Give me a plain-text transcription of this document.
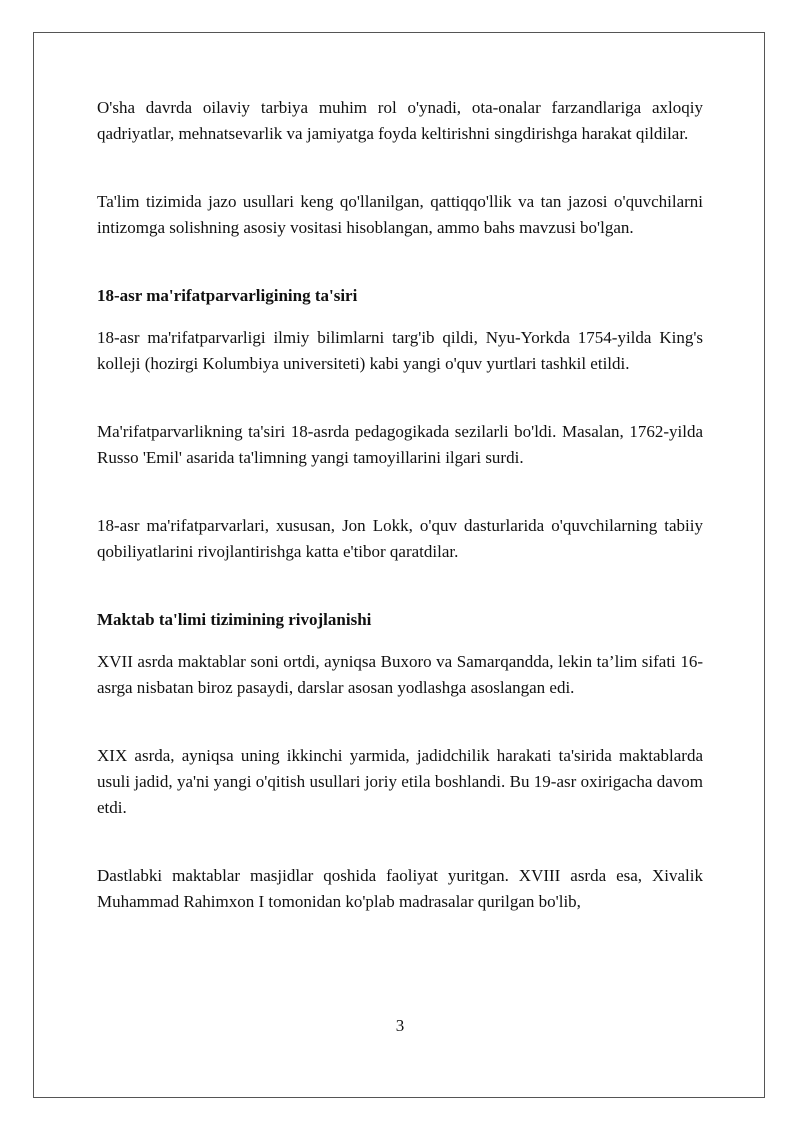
O'sha davrda oilaviy tarbiya muhim rol o'ynadi, ota-onalar farzandlariga axloqiy qadriyatlar, mehnatsevarlik va jamiyatga foyda keltirishni singdirishga harakat qildilar.

Ta'lim tizimida jazo usullari keng qo'llanilgan, qattiqqo'llik va tan jazosi o'quvchilarni intizomga solishning asosiy vositasi hisoblangan, ammo bahs mavzusi bo'lgan.

18-asr ma'rifatparvarligining ta'siri

18-asr ma'rifatparvarligi ilmiy bilimlarni targ'ib qildi, Nyu-Yorkda 1754-yilda King's kolleji (hozirgi Kolumbiya universiteti) kabi yangi o'quv yurtlari tashkil etildi.

Ma'rifatparvarlikning ta'siri 18-asrda pedagogikada sezilarli bo'ldi. Masalan, 1762-yilda Russo 'Emil' asarida ta'limning yangi tamoyillarini ilgari surdi.

18-asr ma'rifatparvarlari, xususan, Jon Lokk, o'quv dasturlarida o'quvchilarning tabiiy qobiliyatlarini rivojlantirishga katta e'tibor qaratdilar.

Maktab ta'limi tizimining rivojlanishi

XVII asrda maktablar soni ortdi, ayniqsa Buxoro va Samarqandda, lekin ta’lim sifati 16-asrga nisbatan biroz pasaydi, darslar asosan yodlashga asoslangan edi.

XIX asrda, ayniqsa uning ikkinchi yarmida, jadidchilik harakati ta'sirida maktablarda usuli jadid, ya'ni yangi o'qitish usullari joriy etila boshlandi. Bu 19-asr oxirigacha davom etdi.

Dastlabki maktablar masjidlar qoshida faoliyat yuritgan. XVIII asrda esa, Xivalik Muhammad Rahimxon I tomonidan ko'plab madrasalar qurilgan bo'lib,

3
